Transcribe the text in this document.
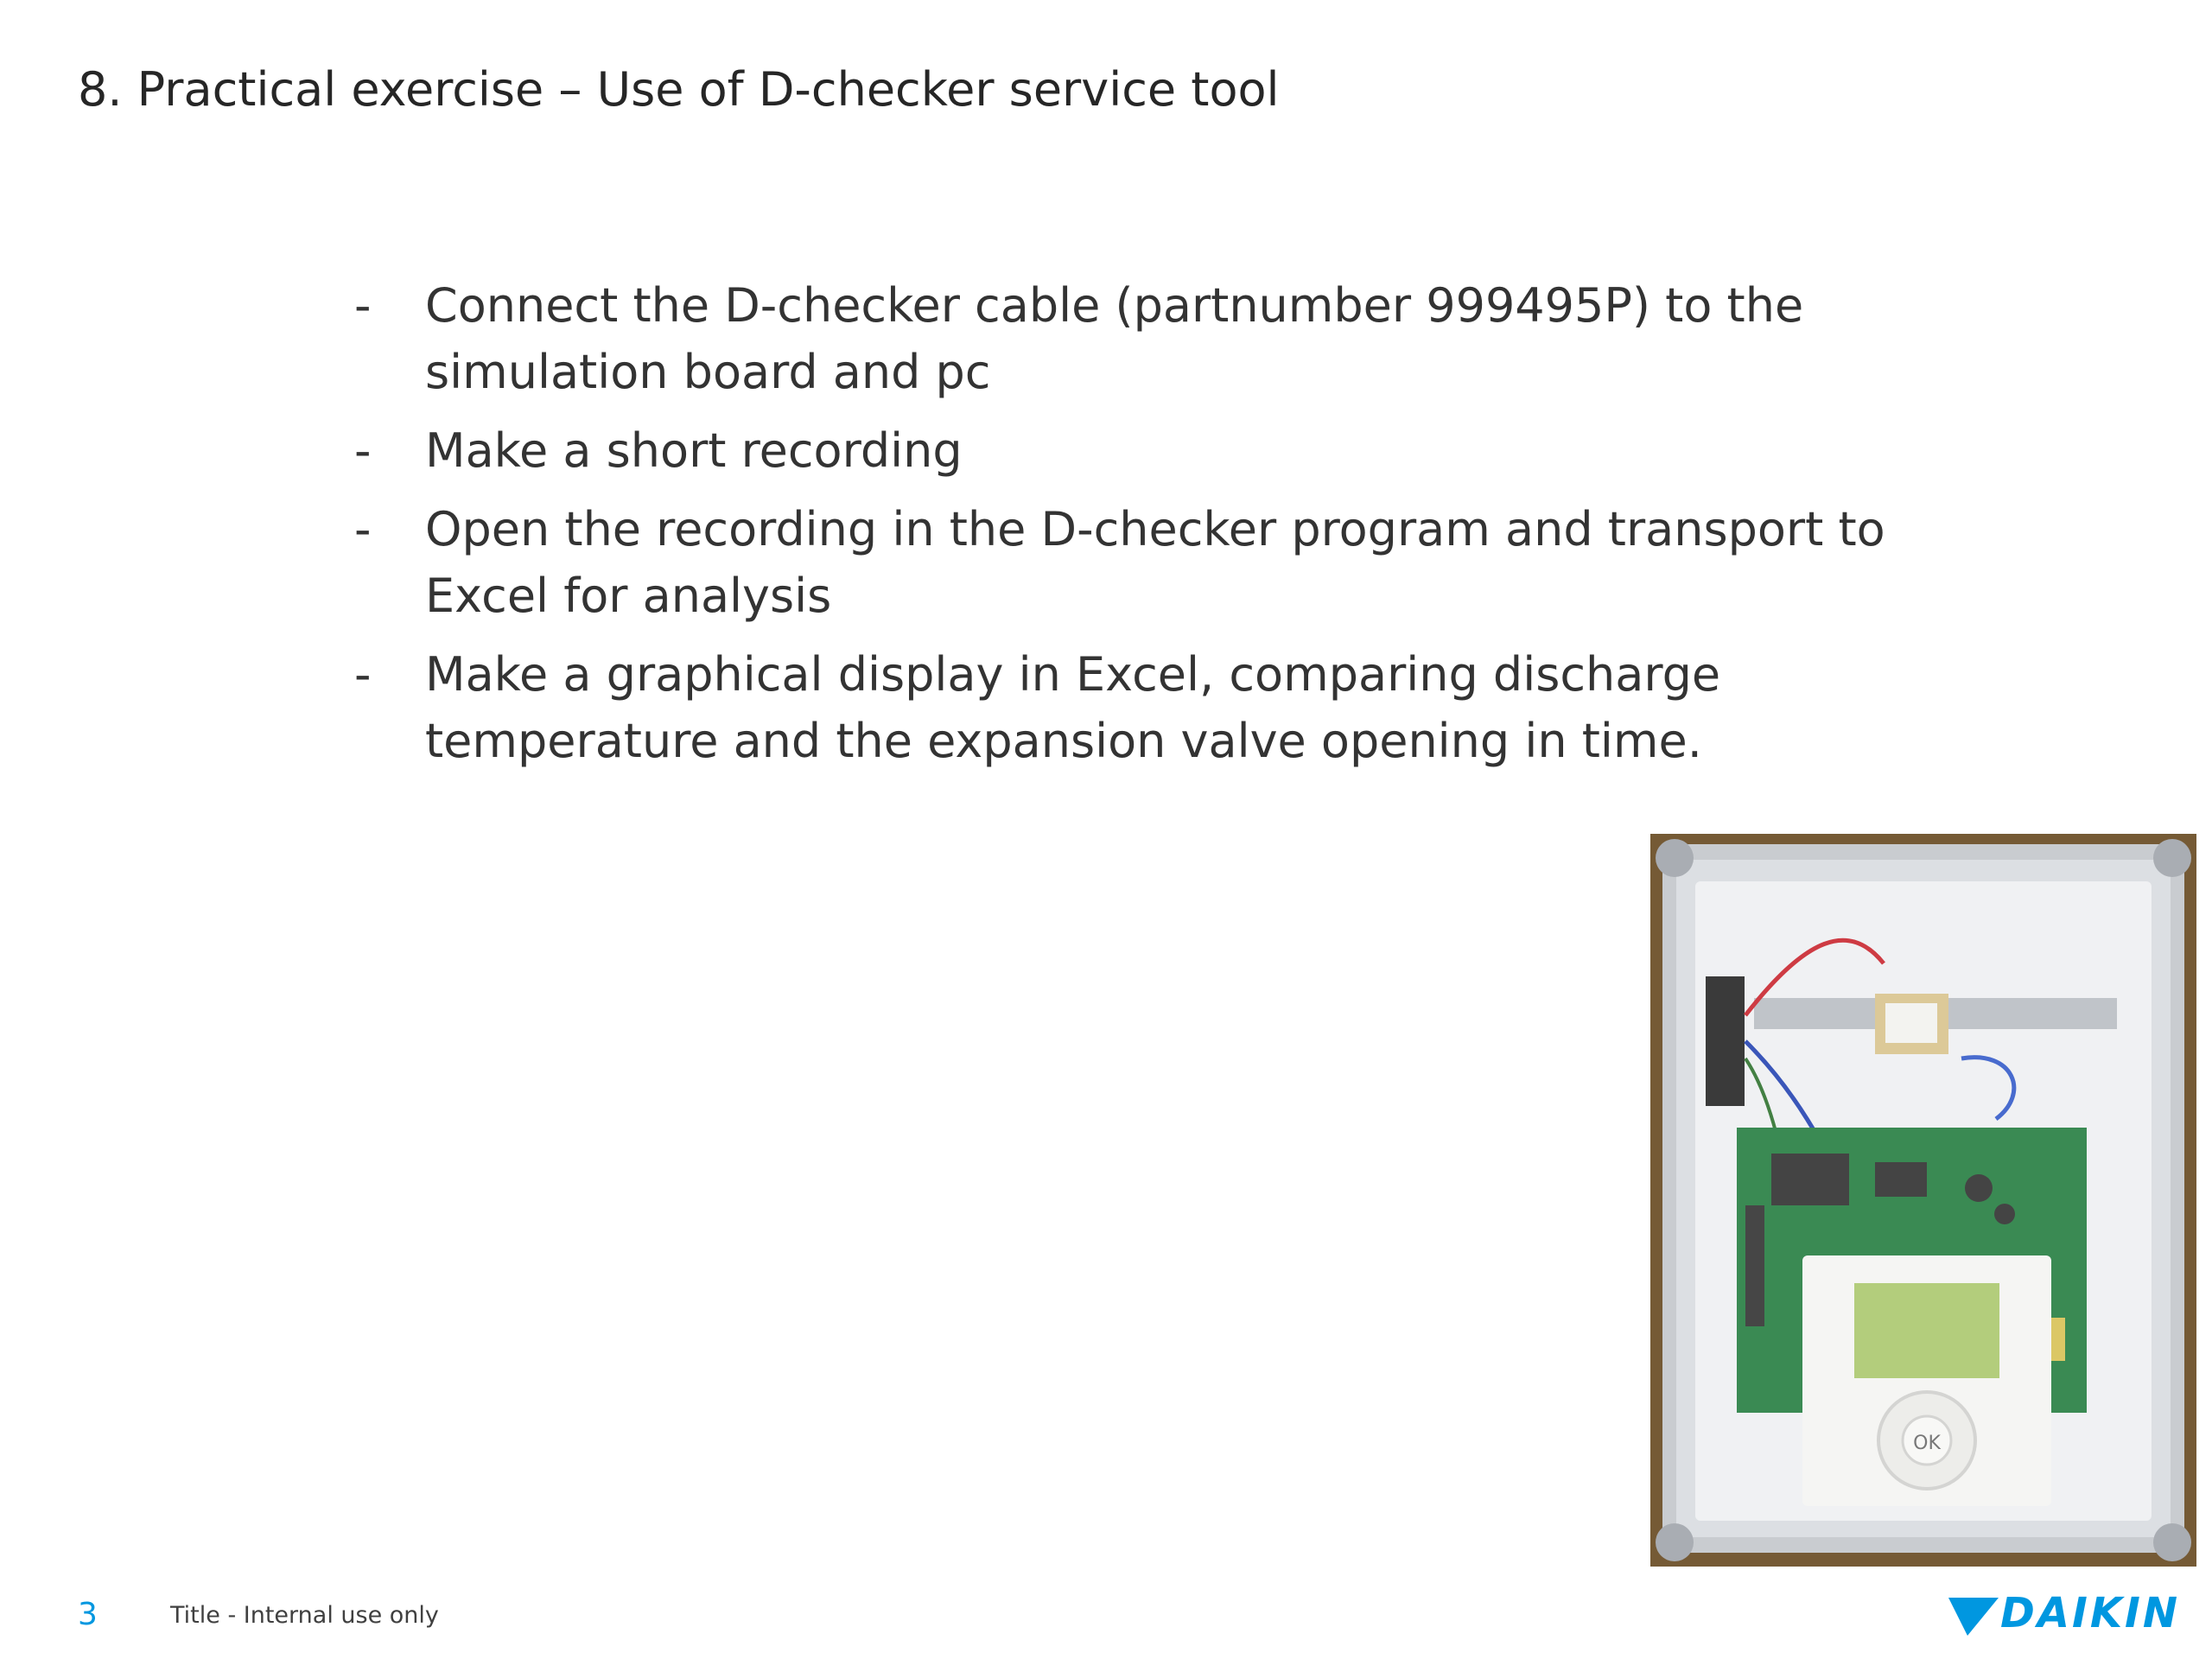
8. Practical exercise – Use of D-checker service tool
- Connect the D-checker cable (partnumber 999495P) to the
simulation board and pc
- Make a short recording
- Open the recording in the D-checker program and transport to
Excel for analysis
- Make a graphical display in Excel, comparing discharge
temperature and the expansion valve opening in time.
OK
3	Title - Internal use only	DAIKIN
